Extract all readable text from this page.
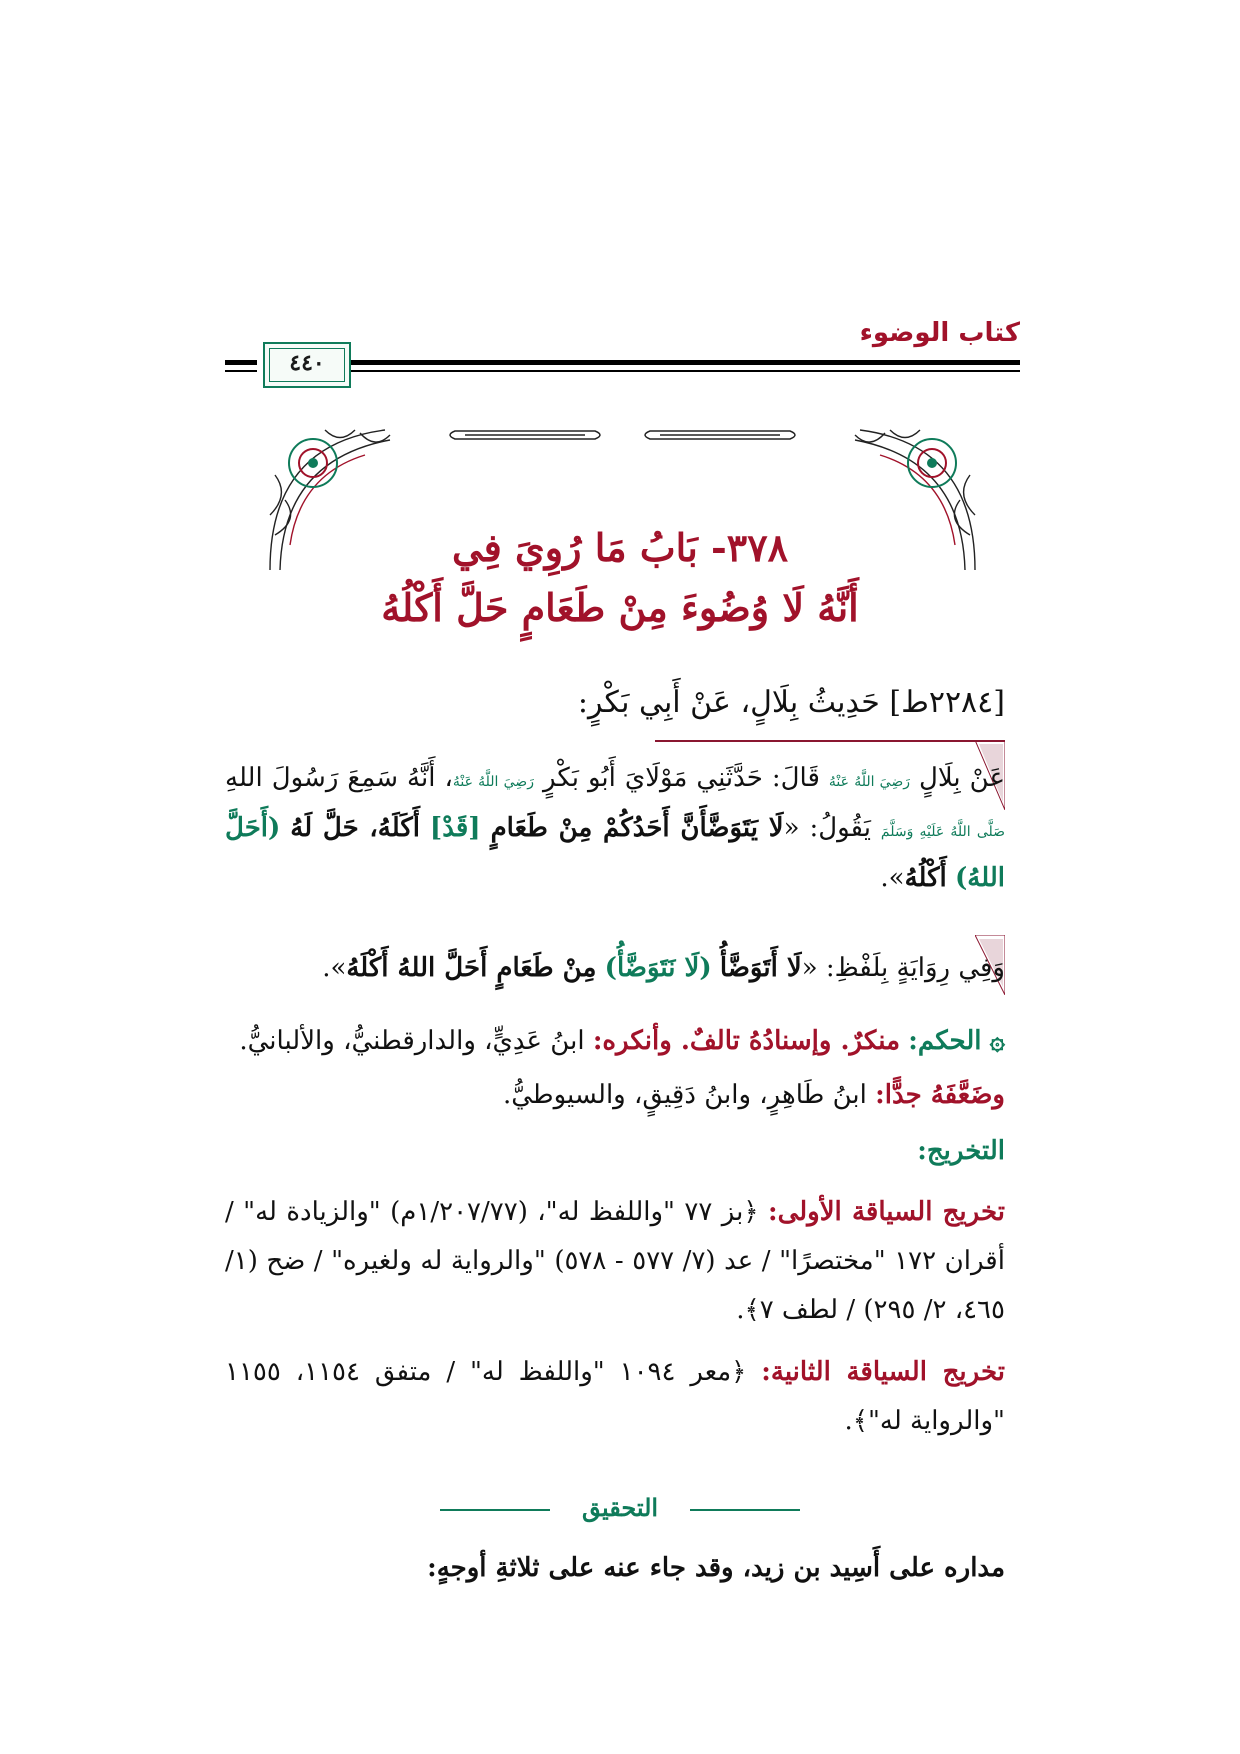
كتاب الوضوء
٤٤٠
٣٧٨- بَابُ مَا رُوِيَ فِي
أَنَّهُ لَا وُضُوءَ مِنْ طَعَامٍ حَلَّ أَكْلُهُ
[٢٢٨٤ط] حَدِيثُ بِلَالٍ، عَنْ أَبِي بَكْرٍ:
عَنْ بِلَالٍ رَضِيَ اللَّهُ عَنْهُ قَالَ: حَدَّثَنِي مَوْلَايَ أَبُو بَكْرٍ رَضِيَ اللَّهُ عَنْهُ، أَنَّهُ سَمِعَ رَسُولَ اللهِ صَلَّى اللَّهُ عَلَيْهِ وَسَلَّمَ يَقُولُ: «لَا يَتَوَضَّأَنَّ أَحَدُكُمْ مِنْ طَعَامٍ [قَدْ] أَكَلَهُ، حَلَّ لَهُ (أَحَلَّ اللهُ) أَكْلُهُ».
وَفِي رِوَايَةٍ بِلَفْظِ: «لَا أَتَوَضَّأُ (لَا نَتَوَضَّأُ) مِنْ طَعَامٍ أَحَلَّ اللهُ أَكْلَهُ».
۞ الحكم: منكرٌ. وإسنادُهُ تالفٌ. وأنكره: ابنُ عَدِيٍّ، والدارقطنيُّ، والألبانيُّ.
وضَعَّفَهُ جدًّا: ابنُ طَاهِرٍ، وابنُ دَقِيقٍ، والسيوطيُّ.
التخريج:
تخريج السياقة الأولى: ﴿بز ٧٧ "واللفظ له"، (١/٢٠٧/٧٧م) "والزيادة له" / أقران ١٧٢ "مختصرًا" / عد (٧/ ٥٧٧ - ٥٧٨) "والرواية له ولغيره" / ضح (١/ ٤٦٥، ٢/ ٢٩٥) / لطف ٧﴾.
تخريج السياقة الثانية: ﴿معر ١٠٩٤ "واللفظ له" / متفق ١١٥٤، ١١٥٥ "والرواية له"﴾.
التحقيق
مداره على أَسِيد بن زيد، وقد جاء عنه على ثلاثةِ أوجهٍ:
